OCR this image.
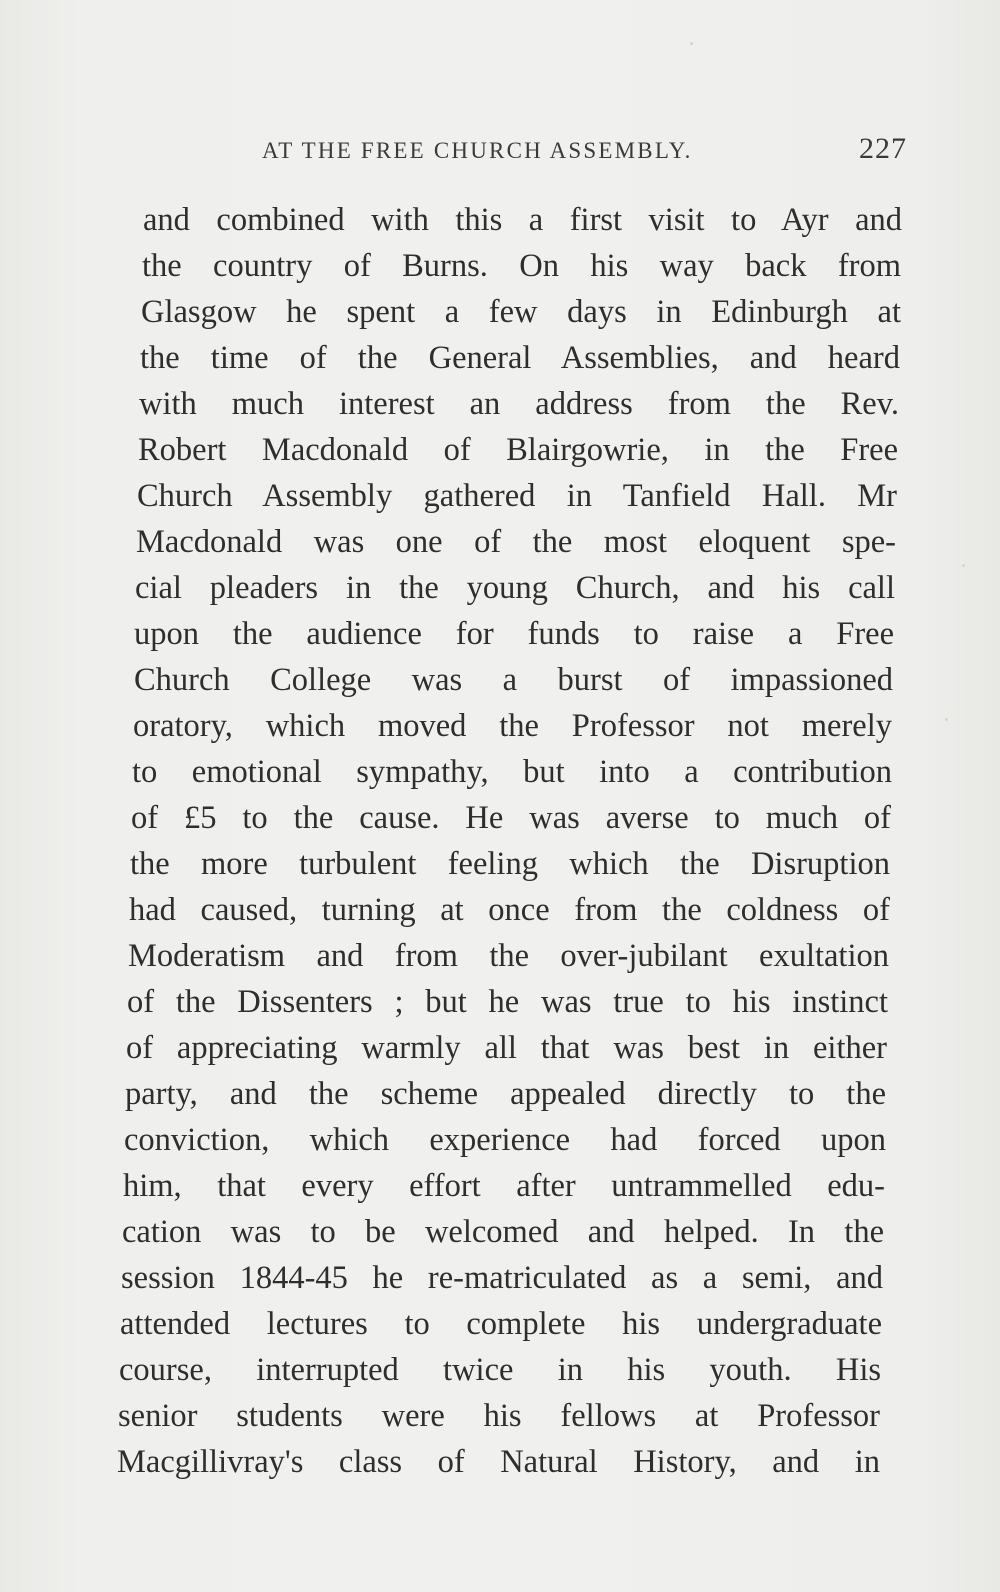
AT THE FREE CHURCH ASSEMBLY.	227
and combined with this a first visit to Ayr and
the country of Burns. On his way back from
Glasgow he spent a few days in Edinburgh at
the time of the General Assemblies, and heard
with much interest an address from the Rev.
Robert Macdonald of Blairgowrie, in the Free
Church Assembly gathered in Tanfield Hall. Mr
Macdonald was one of the most eloquent spe-
cial pleaders in the young Church, and his call
upon the audience for funds to raise a Free
Church College was a burst of impassioned
oratory, which moved the Professor not merely
to emotional sympathy, but into a contribution
of £5 to the cause. He was averse to much of
the more turbulent feeling which the Disruption
had caused, turning at once from the coldness of
Moderatism and from the over-jubilant exultation
of the Dissenters ; but he was true to his instinct
of appreciating warmly all that was best in either
party, and the scheme appealed directly to the
conviction, which experience had forced upon
him, that every effort after untrammelled edu-
cation was to be welcomed and helped. In the
session 1844-45 he re-matriculated as a semi, and
attended lectures to complete his undergraduate
course, interrupted twice in his youth. His
senior students were his fellows at Professor
Macgillivray's class of Natural History, and in
